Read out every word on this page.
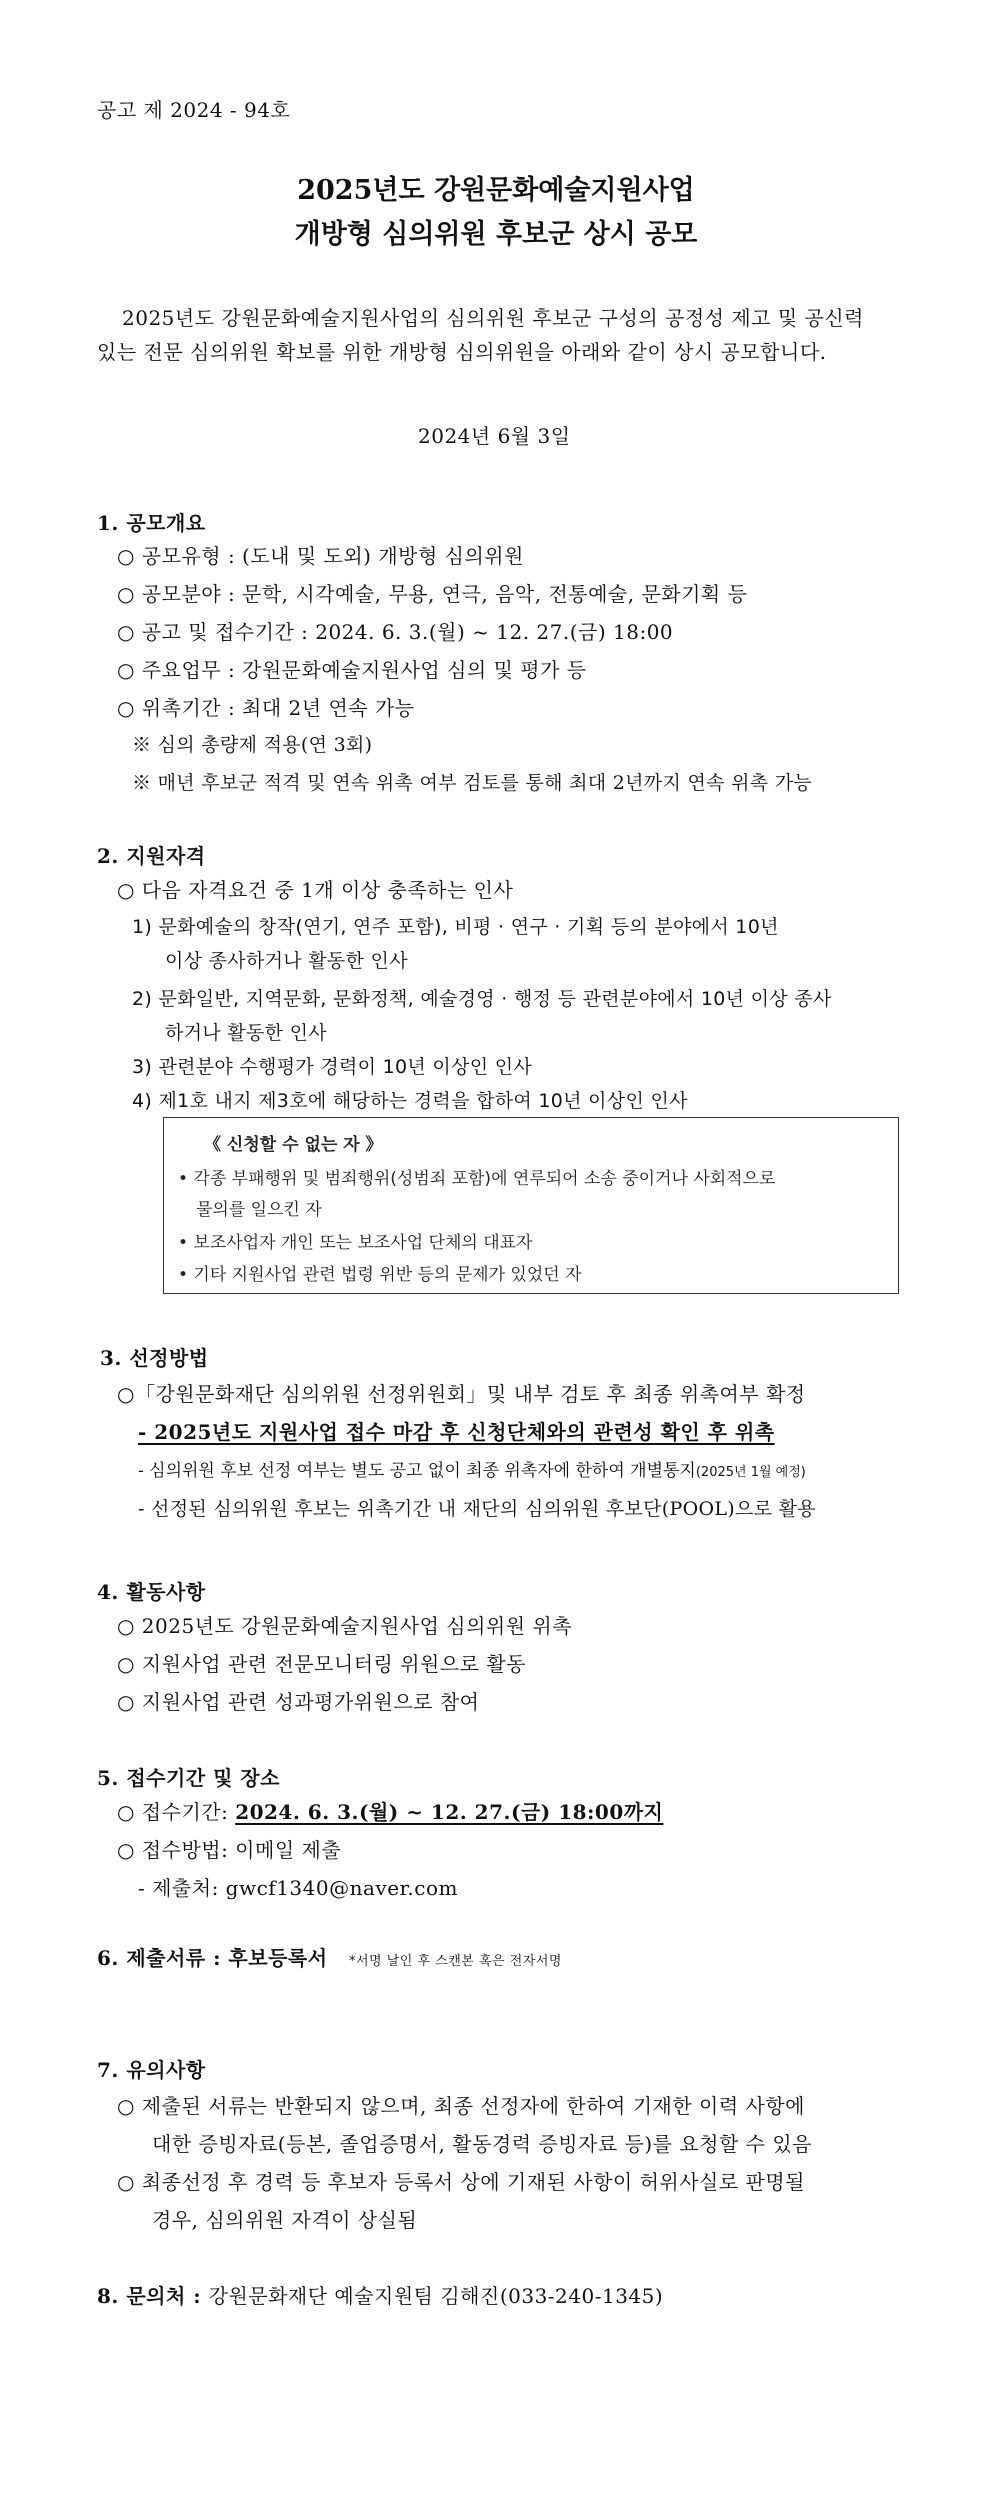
공고 제 2024 - 94호
2025년도 강원문화예술지원사업
개방형 심의위원 후보군 상시 공모
2025년도 강원문화예술지원사업의 심의위원 후보군 구성의 공정성 제고 및 공신력
있는 전문 심의위원 확보를 위한 개방형 심의위원을 아래와 같이 상시 공모합니다.
2024년 6월 3일
1. 공모개요
○ 공모유형 : (도내 및 도외) 개방형 심의위원
○ 공모분야 : 문학, 시각예술, 무용, 연극, 음악, 전통예술, 문화기획 등
○ 공고 및 접수기간 : 2024. 6. 3.(월) ~ 12. 27.(금) 18:00
○ 주요업무 : 강원문화예술지원사업 심의 및 평가 등
○ 위촉기간 : 최대 2년 연속 가능
※ 심의 총량제 적용(연 3회)
※ 매년 후보군 적격 및 연속 위촉 여부 검토를 통해 최대 2년까지 연속 위촉 가능
2. 지원자격
○ 다음 자격요건 중 1개 이상 충족하는 인사
1) 문화예술의 창작(연기, 연주 포함), 비평 · 연구 · 기획 등의 분야에서 10년
이상 종사하거나 활동한 인사
2) 문화일반, 지역문화, 문화정책, 예술경영 · 행정 등 관련분야에서 10년 이상 종사
하거나 활동한 인사
3) 관련분야 수행평가 경력이 10년 이상인 인사
4) 제1호 내지 제3호에 해당하는 경력을 합하여 10년 이상인 인사
《 신청할 수 없는 자 》
• 각종 부패행위 및 범죄행위(성범죄 포함)에 연루되어 소송 중이거나 사회적으로
물의를 일으킨 자
• 보조사업자 개인 또는 보조사업 단체의 대표자
• 기타 지원사업 관련 법령 위반 등의 문제가 있었던 자
3. 선정방법
○「강원문화재단 심의위원 선정위원회」및 내부 검토 후 최종 위촉여부 확정
- 2025년도 지원사업 접수 마감 후 신청단체와의 관련성 확인 후 위촉
- 심의위원 후보 선정 여부는 별도 공고 없이 최종 위촉자에 한하여 개별통지(2025년 1월 예정)
- 선정된 심의위원 후보는 위촉기간 내 재단의 심의위원 후보단(POOL)으로 활용
4. 활동사항
○ 2025년도 강원문화예술지원사업 심의위원 위촉
○ 지원사업 관련 전문모니터링 위원으로 활동
○ 지원사업 관련 성과평가위원으로 참여
5. 접수기간 및 장소
○ 접수기간: 2024. 6. 3.(월) ~ 12. 27.(금) 18:00까지
○ 접수방법: 이메일 제출
- 제출처: gwcf1340@naver.com
6. 제출서류 : 후보등록서 *서명 날인 후 스캔본 혹은 전자서명
7. 유의사항
○ 제출된 서류는 반환되지 않으며, 최종 선정자에 한하여 기재한 이력 사항에
대한 증빙자료(등본, 졸업증명서, 활동경력 증빙자료 등)를 요청할 수 있음
○ 최종선정 후 경력 등 후보자 등록서 상에 기재된 사항이 허위사실로 판명될
경우, 심의위원 자격이 상실됨
8. 문의처 : 강원문화재단 예술지원팀 김해진(033-240-1345)
